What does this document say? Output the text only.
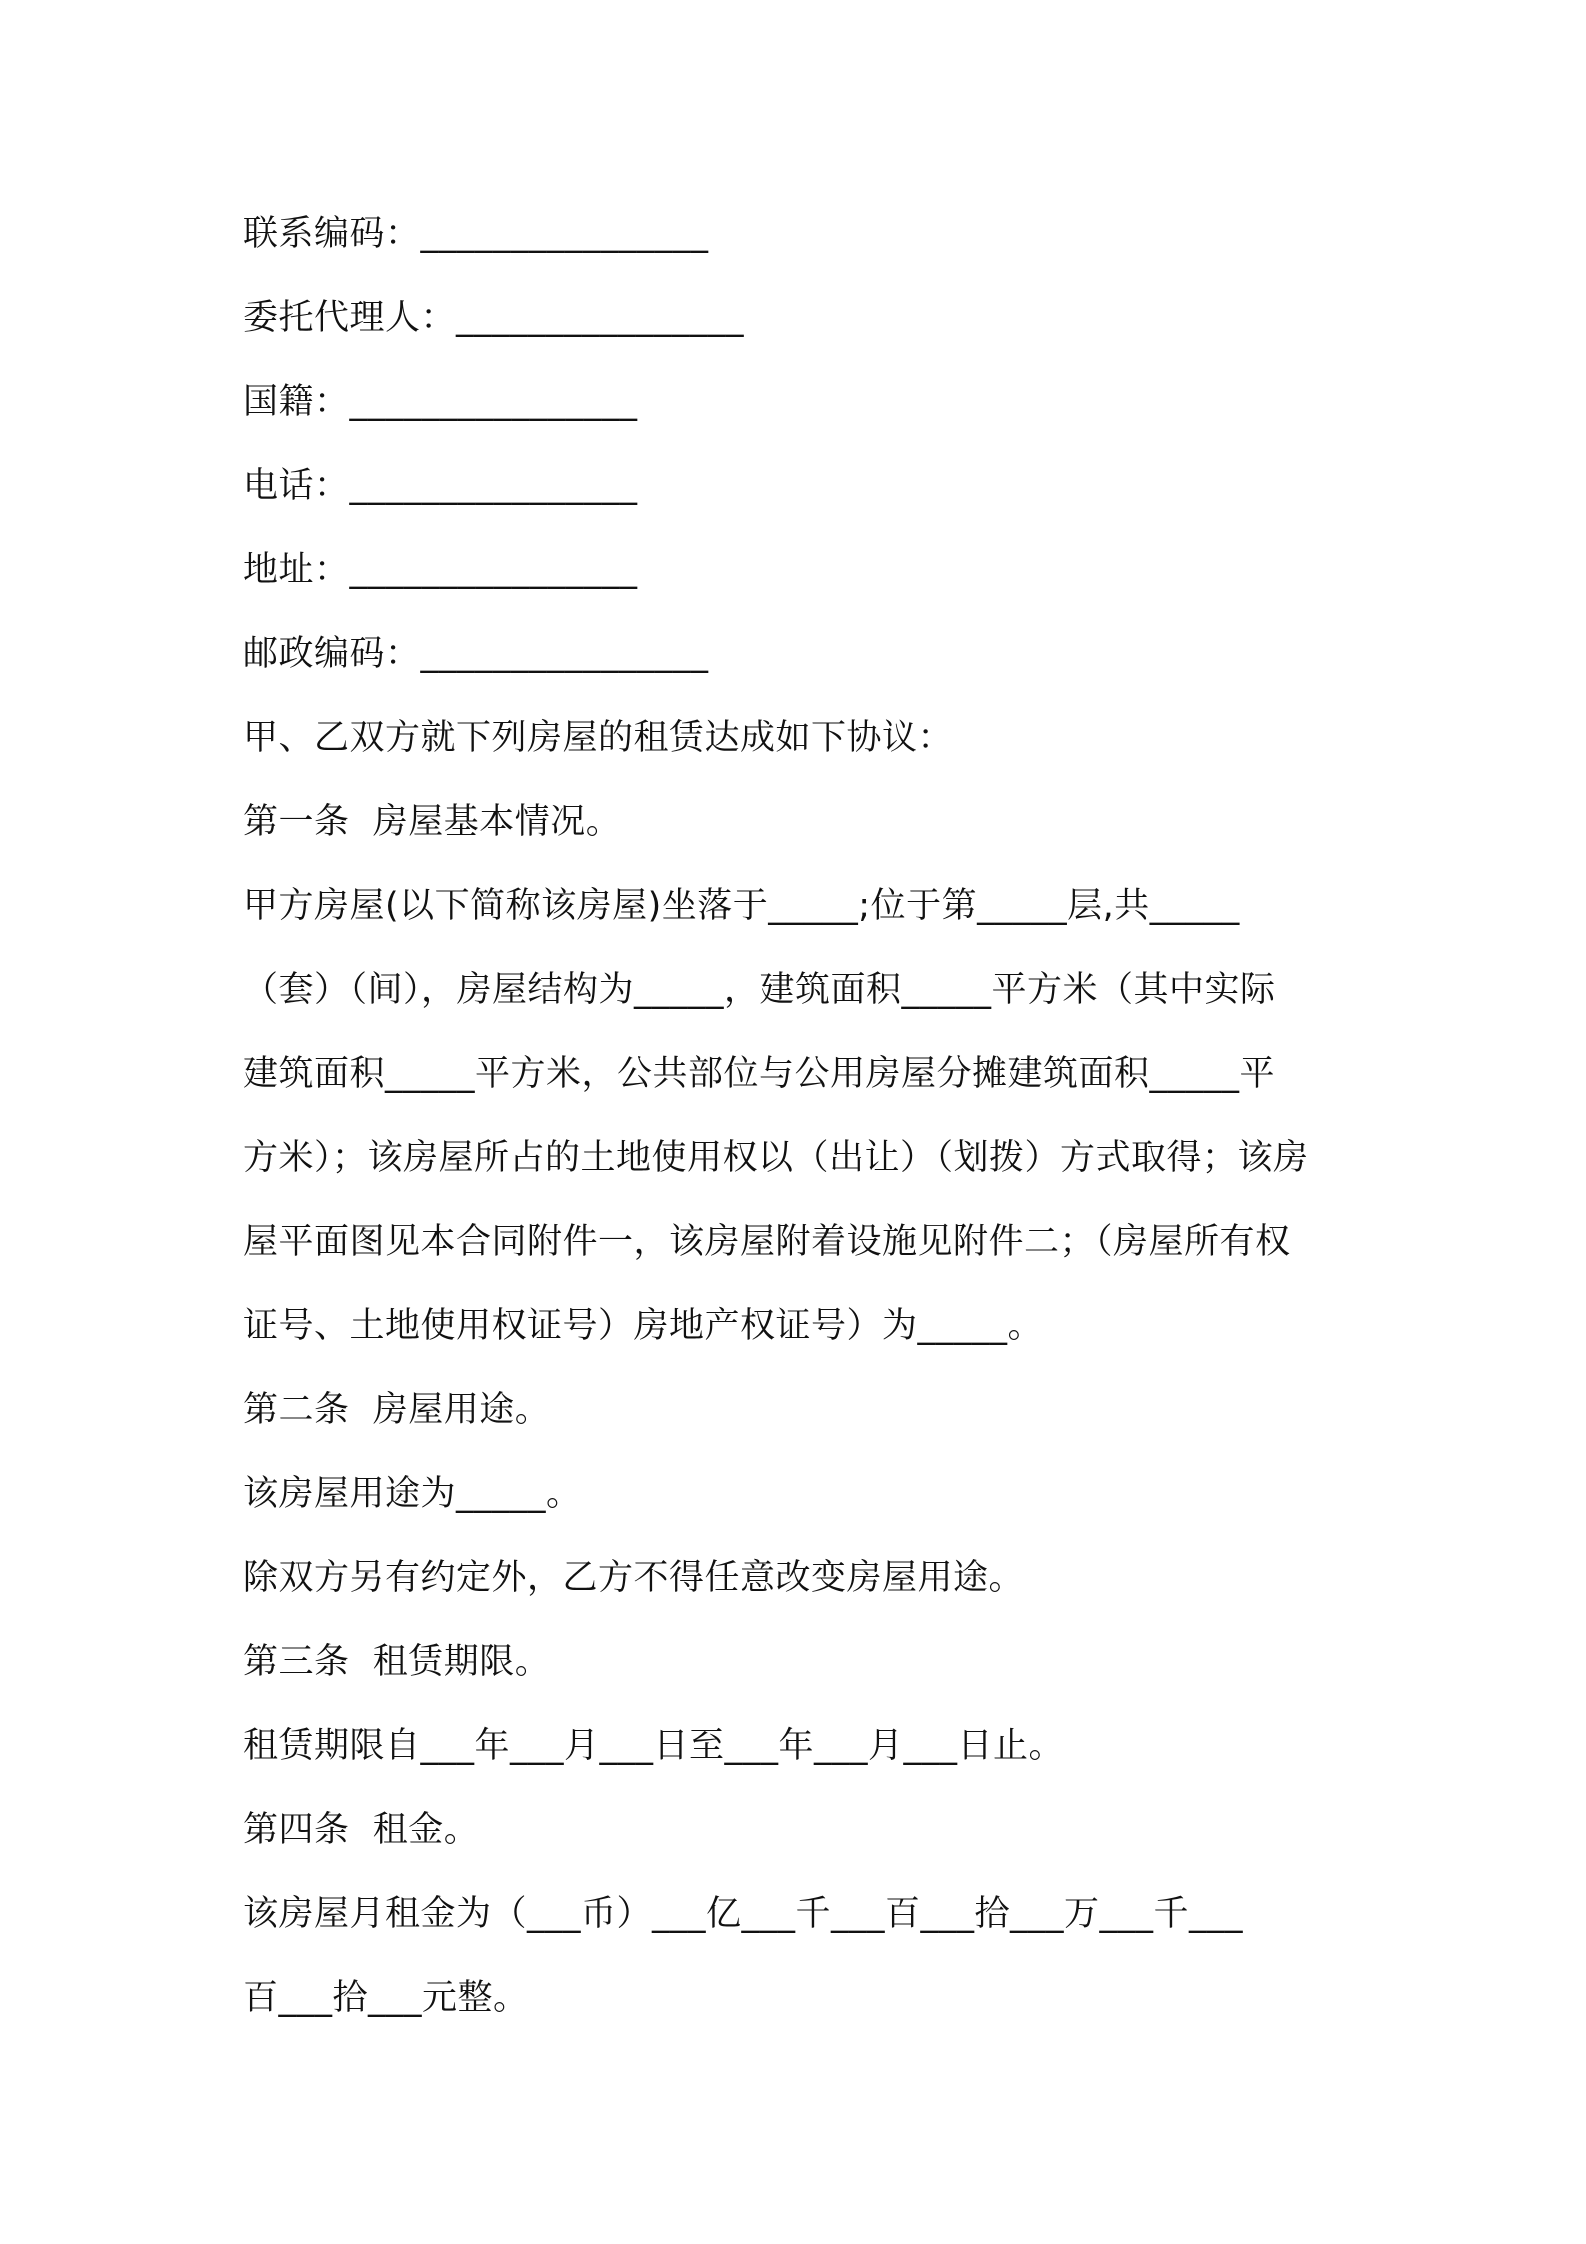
联系编码：________________
委托代理人：________________
国籍：________________
电话：________________
地址：________________
邮政编码：________________
甲、乙双方就下列房屋的租赁达成如下协议：
第一条  房屋基本情况。
甲方房屋(以下简称该房屋)坐落于_____;位于第_____层,共_____
（套）（间），房屋结构为_____，建筑面积_____平方米（其中实际
建筑面积_____平方米，公共部位与公用房屋分摊建筑面积_____平
方米）；该房屋所占的土地使用权以（出让）（划拨）方式取得；该房
屋平面图见本合同附件一，该房屋附着设施见附件二；（房屋所有权
证号、土地使用权证号）房地产权证号）为_____。
第二条  房屋用途。
该房屋用途为_____。
除双方另有约定外，乙方不得任意改变房屋用途。
第三条  租赁期限。
租赁期限自___年___月___日至___年___月___日止。
第四条  租金。
该房屋月租金为（___币）___亿___千___百___拾___万___千___
百___拾___元整。
